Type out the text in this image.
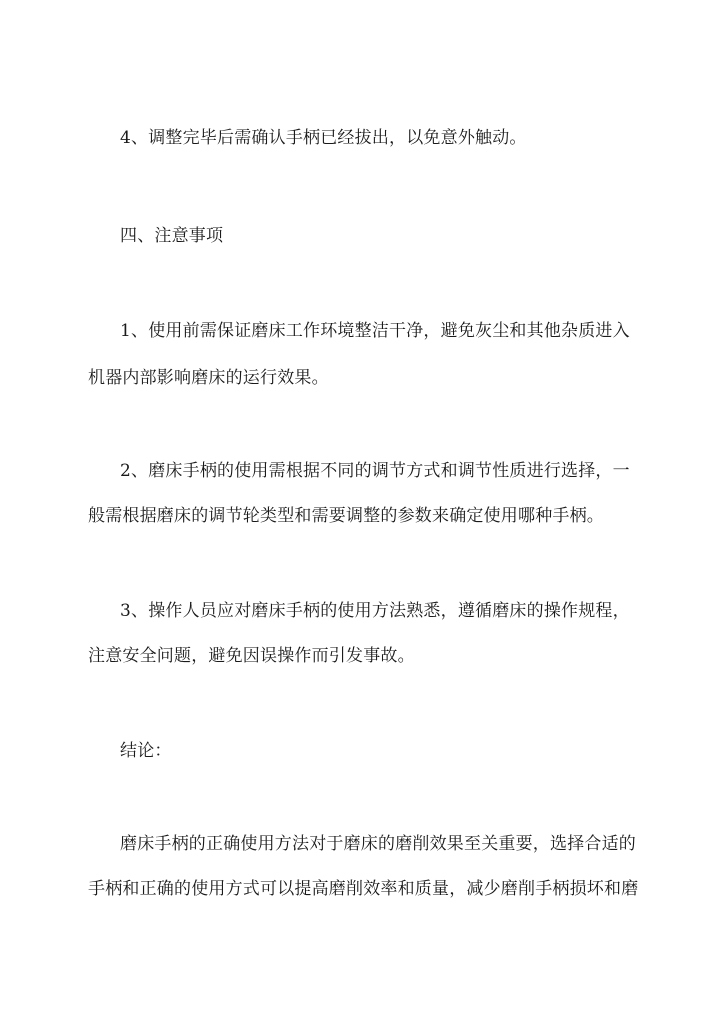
4、调整完毕后需确认手柄已经拔出，以免意外触动。

四、注意事项

1、使用前需保证磨床工作环境整洁干净，避免灰尘和其他杂质进入

机器内部影响磨床的运行效果。

2、磨床手柄的使用需根据不同的调节方式和调节性质进行选择，一

般需根据磨床的调节轮类型和需要调整的参数来确定使用哪种手柄。

3、操作人员应对磨床手柄的使用方法熟悉，遵循磨床的操作规程，

注意安全问题，避免因误操作而引发事故。

结论：

磨床手柄的正确使用方法对于磨床的磨削效果至关重要，选择合适的

手柄和正确的使用方式可以提高磨削效率和质量，减少磨削手柄损坏和磨
